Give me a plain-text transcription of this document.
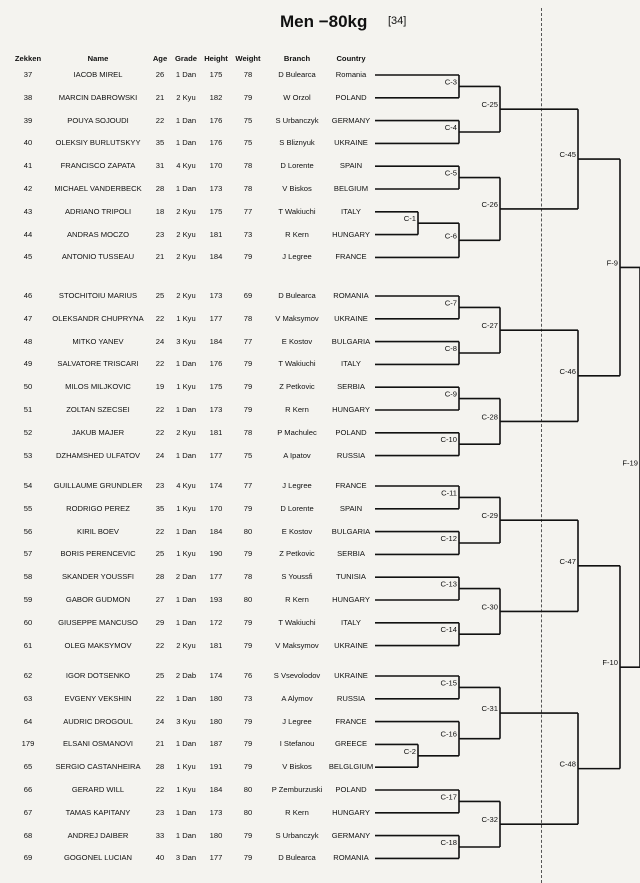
Men −80kg [34]
Zekken	Name	Age Grade Height Weight	Branch	Country
37	IACOB MIREL	26 1 Dan 175	78	D Bulearca	Romania
38	MARCIN DABROWSKI 21 2 Kyu 182	79	W Orzol	POLAND
39	POUYA SOJOUDI	22 1 Dan 176	75	S Urbanczyk GERMANY
40	OLEKSIY BURLUTSKYY 35 1 Dan 176	75	S Bliznyuk	UKRAINE
41	FRANCISCO ZAPATA	31 4 Kyu 170	78	D Lorente	SPAIN
42	MICHAEL VANDERBECK 28 1 Dan 173	78	V Biskos	BELGIUM
43	ADRIANO TRIPOLI	18 2 Kyu 175	77	T Wakiuchi	ITALY
44	ANDRAS MOCZO	23 2 Kyu 181	73	R Kern	HUNGARY
45	ANTONIO TUSSEAU	21 2 Kyu 184	79	J Legree	FRANCE
46	STOCHITOIU MARIUS 25 2 Kyu 173	69	D Bulearca ROMANIA
47	OLEKSANDR CHUPRYNA 22 1 Kyu 177	78	V Maksymov UKRAINE
48	MITKO YANEV	24 3 Kyu 184	77	E Kostov	BULGARIA
49	SALVATORE TRISCARI 22 1 Dan 176	79	T Wakiuchi	ITALY
50	MILOS MILJKOVIC	19 1 Kyu 175	79	Z Petkovic	SERBIA
51	ZOLTAN SZECSEI	22 1 Dan 173	79	R Kern	HUNGARY
52	JAKUB MAJER	22 2 Kyu 181	78	P Machulec POLAND
53	DZHAMSHED ULFATOV 24 1 Dan 177	75	A Ipatov	RUSSIA
54	GUILLAUME GRUNDLER 23 4 Kyu 174	77	J Legree	FRANCE
55	RODRIGO PEREZ	35 1 Kyu 170	79	D Lorente	SPAIN
56	KIRIL BOEV	22 1 Dan 184	80	E Kostov	BULGARIA
57	BORIS PERENCEVIC	25 1 Kyu 190	79	Z Petkovic	SERBIA
58	SKANDER YOUSSFI	28 2 Dan 177	78	S Youssfi	TUNISIA
59	GABOR GUDMON	27 1 Dan 193	80	R Kern	HUNGARY
60	GIUSEPPE MANCUSO 29 1 Dan 172	79	T Wakiuchi	ITALY
61	OLEG MAKSYMOV	22 2 Kyu 181	79	V Maksymov UKRAINE
62	IGOR DOTSENKO	25 2 Dab 174	76	S Vsevolodov UKRAINE
63	EVGENY VEKSHIN	22 1 Dan 180	73	A Alymov	RUSSIA
64	AUDRIC DROGOUL	24 3 Kyu 180	79	J Legree	FRANCE
179	ELSANI OSMANOVI	21 1 Dan 187	79	I Stefanou	GREECE
65	SERGIO CASTANHEIRA 28 1 Kyu 191	79	V Biskos BELGLGIUM
66	GERARD WILL	22 1 Kyu 184	80	P Zemburzuski POLAND
67	TAMAS KAPITANY	23 1 Dan 173	80	R Kern	HUNGARY
68	ANDREJ DAIBER	33 1 Dan 180	79	S Urbanczyk GERMANY
69	GOGONEL LUCIAN	40 3 Dan 177	79	D Bulearca ROMANIA
C-1
C-2
C-3
C-4
C-5
C-6
C-7
C-8
C-9
C-10
C-11
C-12
C-13
C-14
C-15
C-16
C-17
C-18
C-25
C-26
C-27
C-28
C-29
C-30
C-31
C-32
C-45
C-46
C-47
C-48
F-9
F-10
F-19
